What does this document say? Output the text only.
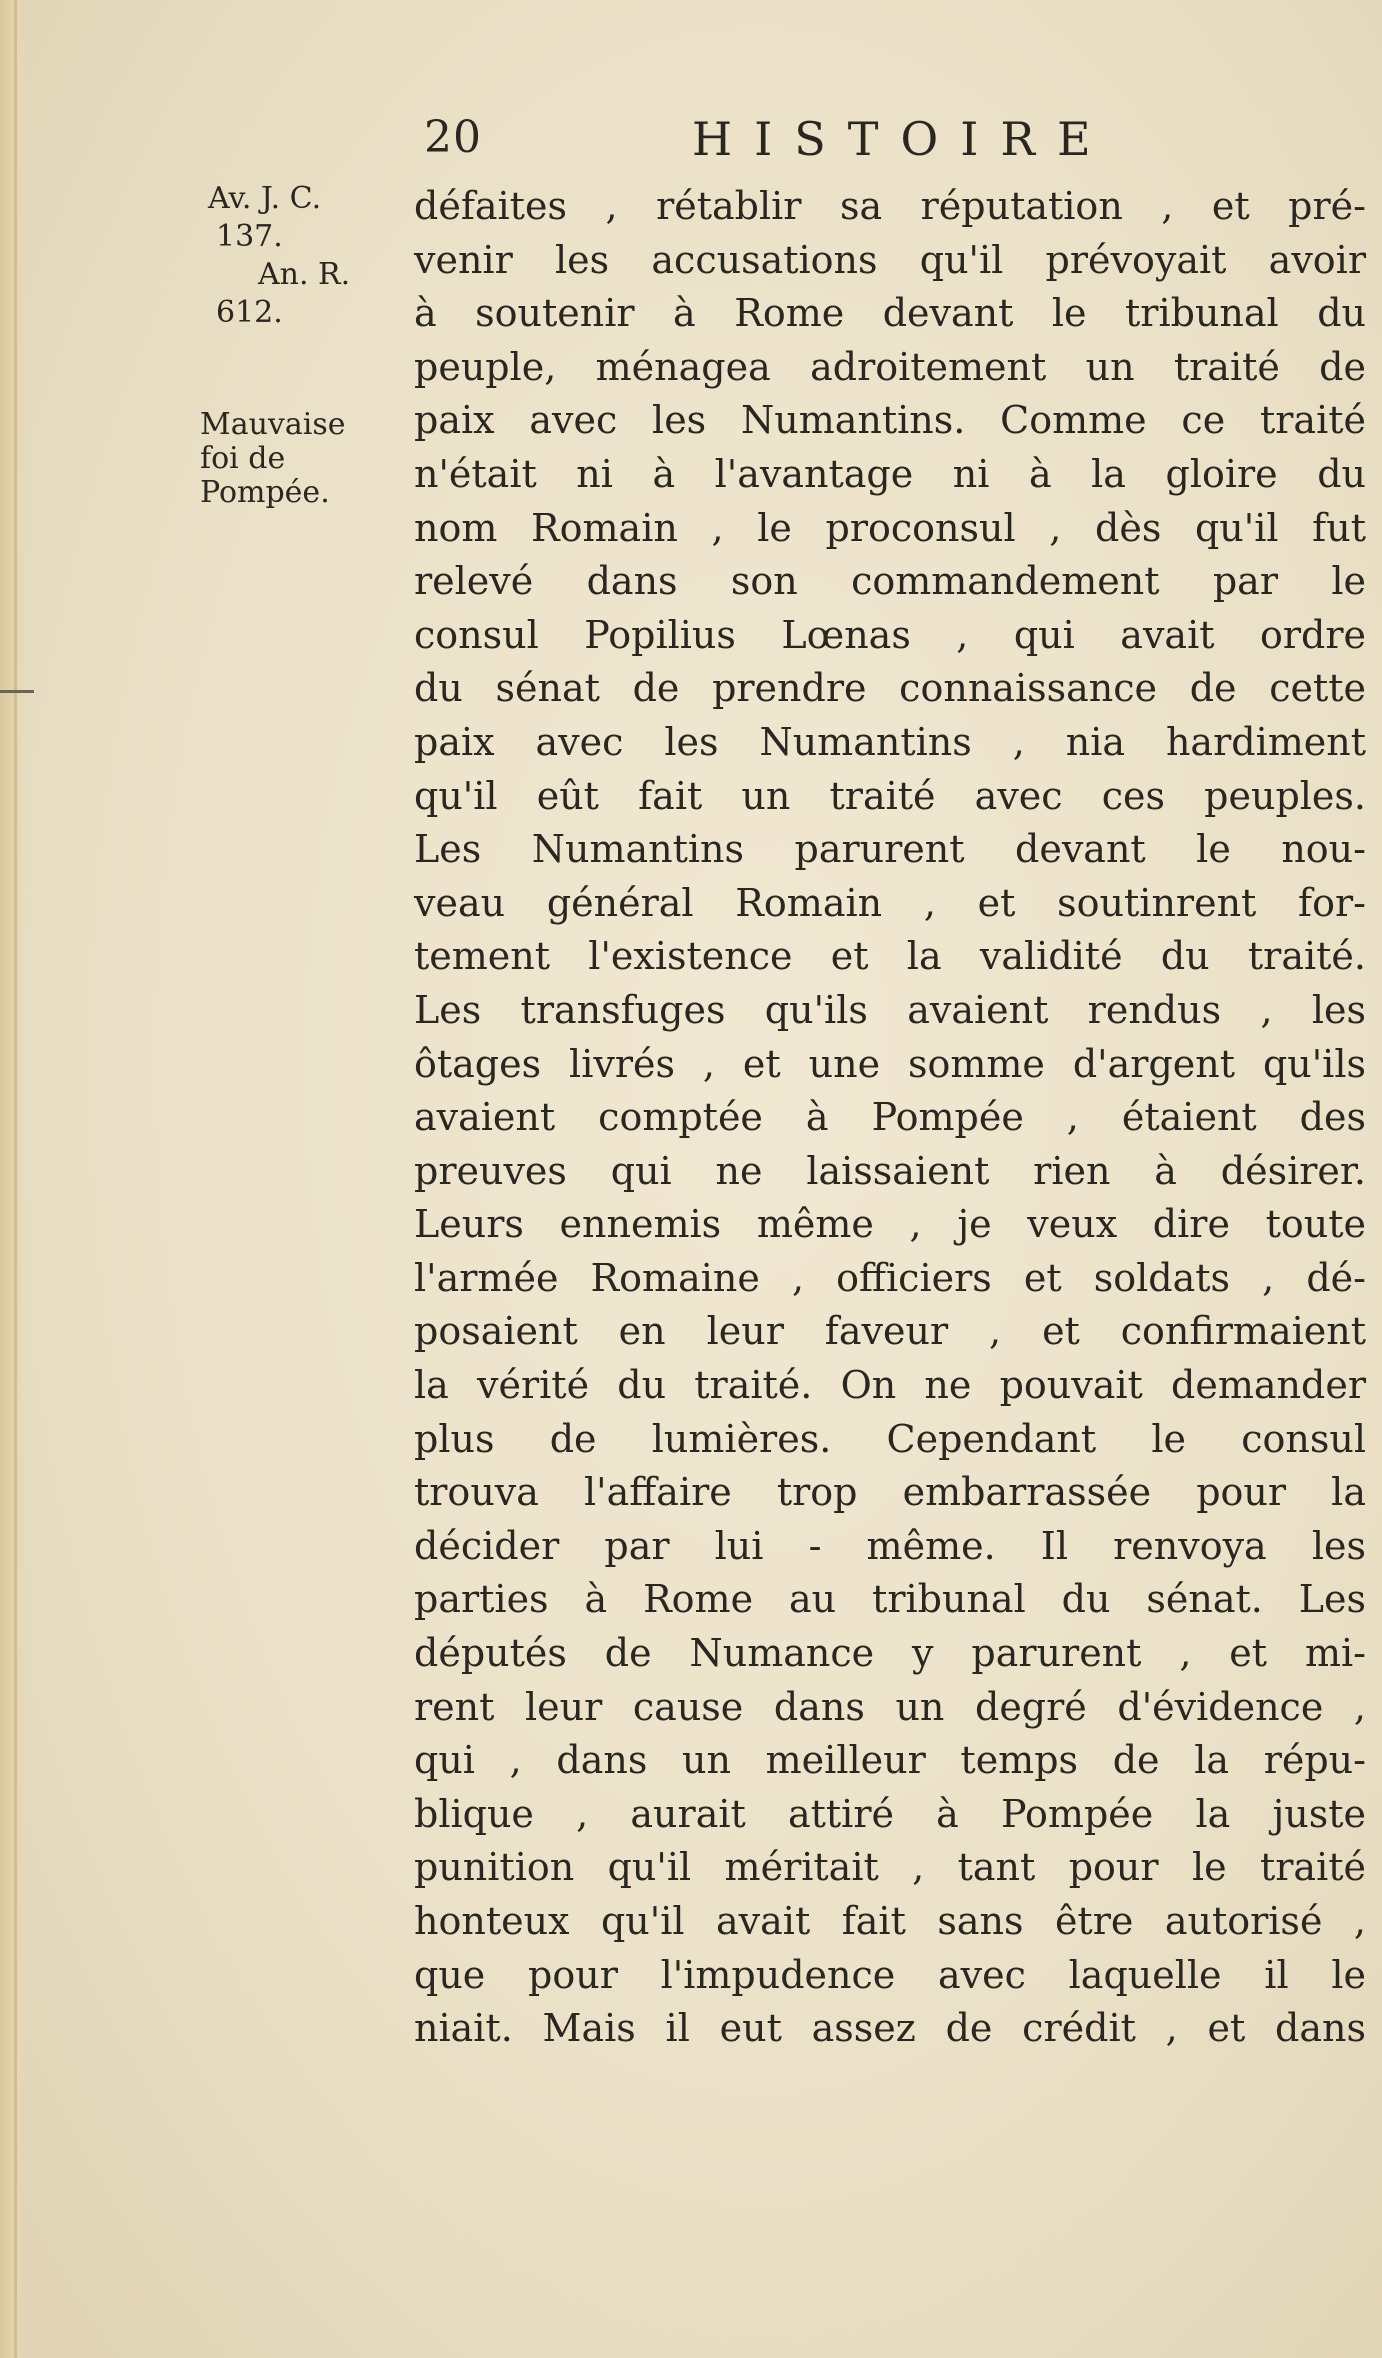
20	HISTOIRE
Av. J. C.
137.
An. R.
612.
Mauvaise
foi de
Pompée.
défaites , rétablir sa réputation , et pré-
venir les accusations qu'il prévoyait avoir
à soutenir à Rome devant le tribunal du
peuple, ménagea adroitement un traité de
paix avec les Numantins. Comme ce traité
n'était ni à l'avantage ni à la gloire du
nom Romain , le proconsul , dès qu'il fut
relevé dans son commandement par le
consul Popilius Lœnas , qui avait ordre
du sénat de prendre connaissance de cette
paix avec les Numantins , nia hardiment
qu'il eût fait un traité avec ces peuples.
Les Numantins parurent devant le nou-
veau général Romain , et soutinrent for-
tement l'existence et la validité du traité.
Les transfuges qu'ils avaient rendus , les
ôtages livrés , et une somme d'argent qu'ils
avaient comptée à Pompée , étaient des
preuves qui ne laissaient rien à désirer.
Leurs ennemis même , je veux dire toute
l'armée Romaine , officiers et soldats , dé-
posaient en leur faveur , et confirmaient
la vérité du traité. On ne pouvait demander
plus de lumières. Cependant le consul
trouva l'affaire trop embarrassée pour la
décider par lui - même. Il renvoya les
parties à Rome au tribunal du sénat. Les
députés de Numance y parurent , et mi-
rent leur cause dans un degré d'évidence ,
qui , dans un meilleur temps de la répu-
blique , aurait attiré à Pompée la juste
punition qu'il méritait , tant pour le traité
honteux qu'il avait fait sans être autorisé ,
que pour l'impudence avec laquelle il le
niait. Mais il eut assez de crédit , et dans
